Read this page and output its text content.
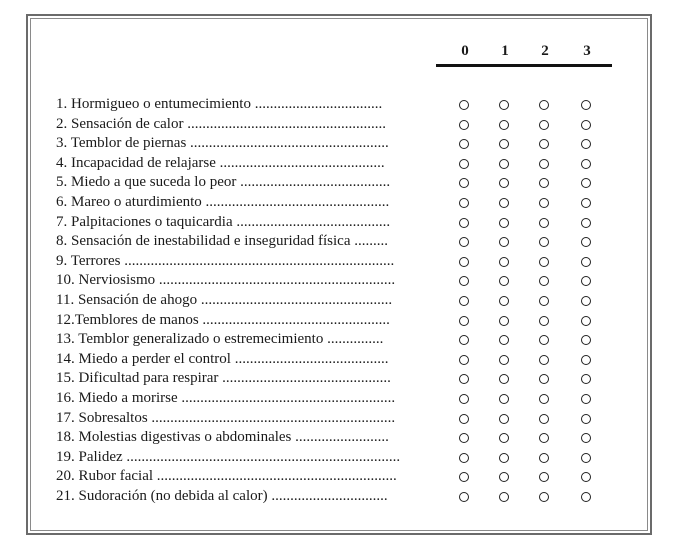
0	1	2	3
1. Hormigueo o entumecimiento ..................................
2. Sensación de calor .....................................................
3. Temblor de piernas .....................................................
4. Incapacidad de relajarse ............................................
5. Miedo a que suceda lo peor ........................................
6. Mareo o aturdimiento .................................................
7. Palpitaciones o taquicardia .........................................
8. Sensación de inestabilidad e inseguridad física .........
9. Terrores ........................................................................
10. Nerviosismo ...............................................................
11. Sensación de ahogo ...................................................
12.Temblores de manos ..................................................
13. Temblor generalizado o estremecimiento ...............
14. Miedo a perder el control .........................................
15. Dificultad para respirar .............................................
16. Miedo a morirse .........................................................
17. Sobresaltos .................................................................
18. Molestias digestivas o abdominales .........................
19. Palidez .........................................................................
20. Rubor facial ................................................................
21. Sudoración (no debida al calor) ...............................
